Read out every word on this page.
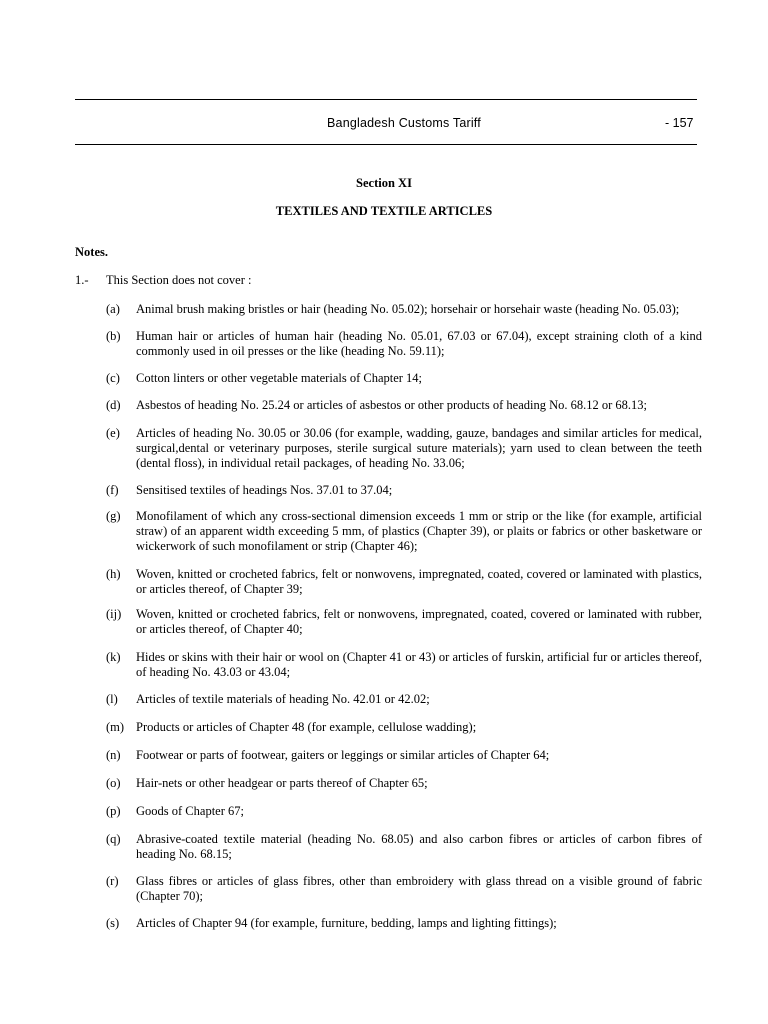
Bangladesh Customs Tariff	- 157
Section XI
TEXTILES AND TEXTILE ARTICLES
Notes.
1.- This Section does not cover :
(a) Animal brush making bristles or hair (heading No. 05.02); horsehair or horsehair waste (heading No. 05.03);
(b) Human hair or articles of human hair (heading No. 05.01, 67.03 or 67.04), except straining cloth of a kind commonly used in oil presses or the like (heading No. 59.11);
(c) Cotton linters or other vegetable materials of Chapter 14;
(d) Asbestos of heading No. 25.24 or articles of asbestos or other products of heading No. 68.12 or 68.13;
(e) Articles of heading No. 30.05 or 30.06 (for example, wadding, gauze, bandages and similar articles for medical, surgical,dental or veterinary purposes, sterile surgical suture materials); yarn used to clean between the teeth (dental floss), in individual retail packages, of heading No. 33.06;
(f) Sensitised textiles of headings Nos. 37.01 to 37.04;
(g) Monofilament of which any cross-sectional dimension exceeds 1 mm or strip or the like (for example, artificial straw) of an apparent width exceeding 5 mm, of plastics (Chapter 39), or plaits or fabrics or other basketware or wickerwork of such monofilament or strip (Chapter 46);
(h) Woven, knitted or crocheted fabrics, felt or nonwovens, impregnated, coated, covered or laminated with plastics, or articles thereof, of Chapter 39;
(ij) Woven, knitted or crocheted fabrics, felt or nonwovens, impregnated, coated, covered or laminated with rubber, or articles thereof, of Chapter 40;
(k) Hides or skins with their hair or wool on (Chapter 41 or 43) or articles of furskin, artificial fur or articles thereof, of heading No. 43.03 or 43.04;
(l) Articles of textile materials of heading No. 42.01 or 42.02;
(m) Products or articles of Chapter 48 (for example, cellulose wadding);
(n) Footwear or parts of footwear, gaiters or leggings or similar articles of Chapter 64;
(o) Hair-nets or other headgear or parts thereof of Chapter 65;
(p) Goods of Chapter 67;
(q) Abrasive-coated textile material (heading No. 68.05) and also carbon fibres or articles of carbon fibres of heading No. 68.15;
(r) Glass fibres or articles of glass fibres, other than embroidery with glass thread on a visible ground of fabric (Chapter 70);
(s) Articles of Chapter 94 (for example, furniture, bedding, lamps and lighting fittings);
